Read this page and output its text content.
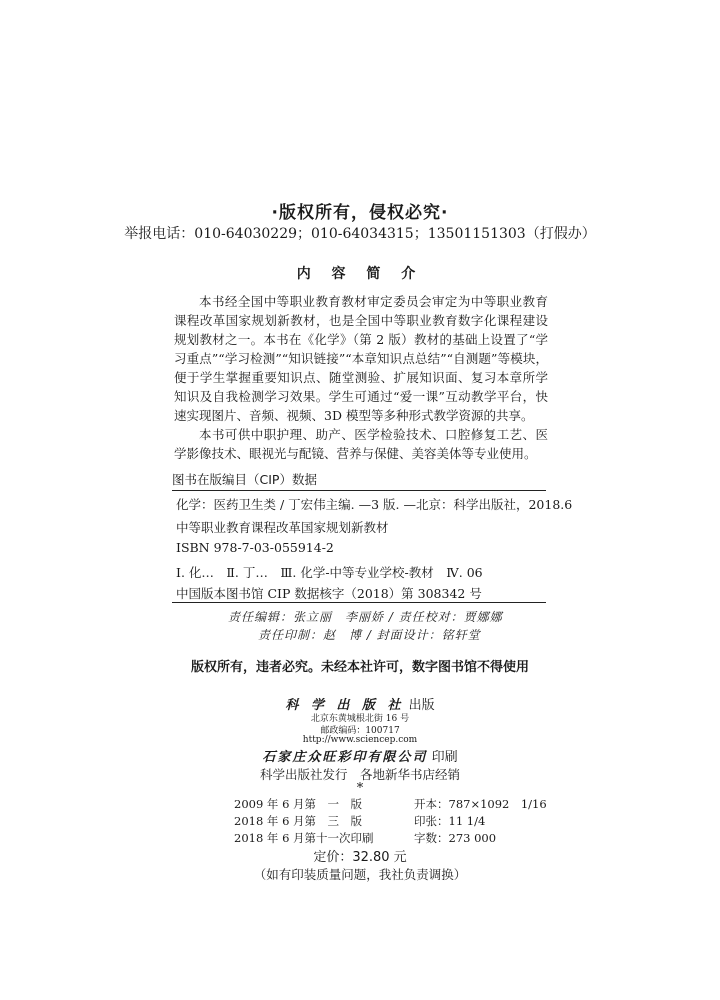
·版权所有，侵权必究·
举报电话：010-64030229；010-64034315；13501151303（打假办）
内 容 简 介

本书经全国中等职业教育教材审定委员会审定为中等职业教育课程改革国家规划新教材，也是全国中等职业教育数字化课程建设规划教材之一。本书在《化学》（第 2 版）教材的基础上设置了“学习重点”“学习检测”“知识链接”“本章知识点总结”“自测题”等模块，便于学生掌握重要知识点、随堂测验、扩展知识面、复习本章所学知识及自我检测学习效果。学生可通过“爱一课”互动教学平台，快速实现图片、音频、视频、3D 模型等多种形式教学资源的共享。

本书可供中职护理、助产、医学检验技术、口腔修复工艺、医学影像技术、眼视光与配镜、营养与保健、美容美体等专业使用。

图书在版编目（CIP）数据
化学：医药卫生类 / 丁宏伟主编. —3 版. —北京：科学出版社，2018.6
中等职业教育课程改革国家规划新教材
ISBN 978-7-03-055914-2
Ⅰ. 化…　Ⅱ. 丁…　Ⅲ. 化学-中等专业学校-教材　Ⅳ. 06
中国版本图书馆 CIP 数据核字（2018）第 308342 号
责任编辑：张立丽　李丽娇 / 责任校对：贾娜娜
责任印制：赵　博 / 封面设计：铭轩堂
版权所有，违者必究。未经本社许可，数字图书馆不得使用
科 学 出 版 社 出版
北京东黄城根北街 16 号
邮政编码：100717
http://www.sciencep.com
石家庄众旺彩印有限公司 印刷
科学出版社发行　各地新华书店经销
*
2009 年 6 月第　一　版	开本：787×1092　1/16
2018 年 6 月第　三　版	印张：11 1/4
2018 年 6 月第十一次印刷	字数：273 000
定价：32.80 元
（如有印装质量问题，我社负责调换）
